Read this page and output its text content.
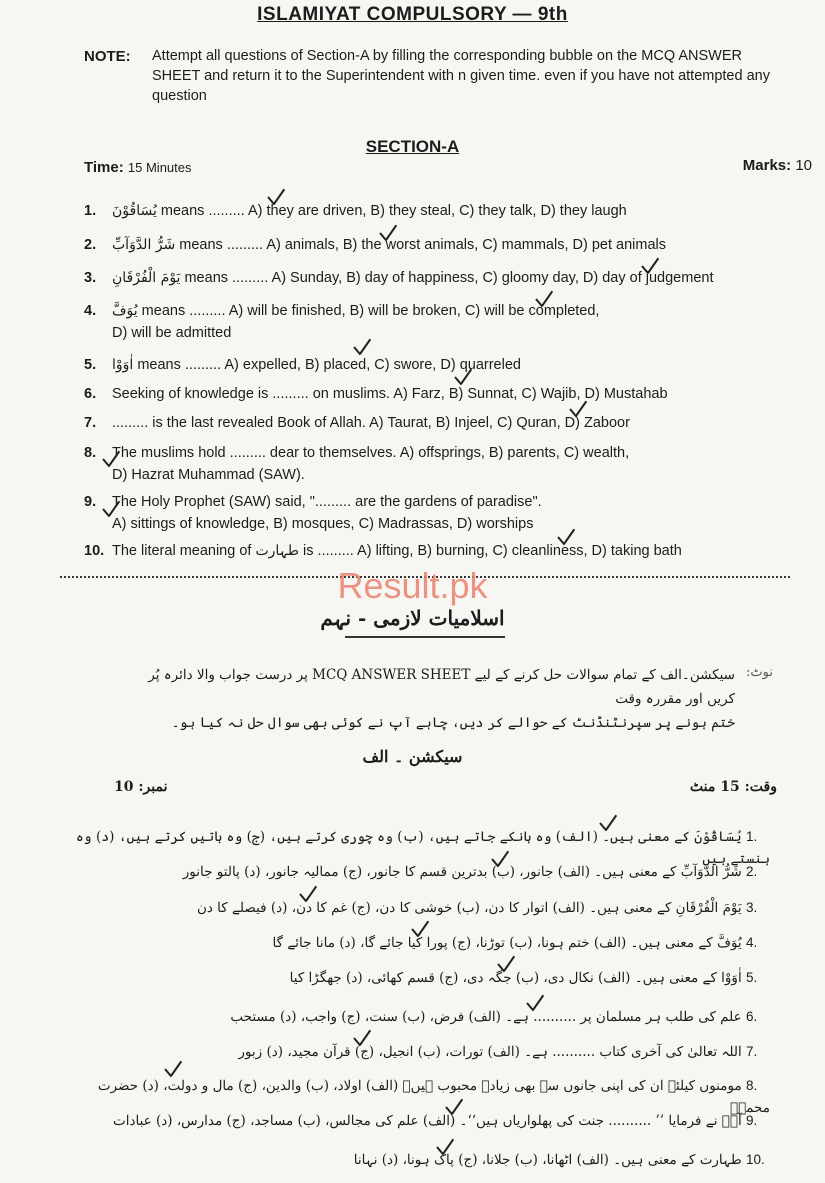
ISLAMIYAT COMPULSORY — 9th
NOTE: Attempt all questions of Section-A by filling the corresponding bubble on the MCQ ANSWER SHEET and return it to the Superintendent with n given time. even if you have not attempted any question
SECTION-A
Time: 15 Minutes	Marks: 10
1. يُسَاقُوْنَ means ......... A) they are driven, B) they steal, C) they talk, D) they laugh
2. شَرُّ الدَّوَآبِّ means ......... A) animals, B) the worst animals, C) mammals, D) pet animals
3. يَوْمَ الْفُرْقَانِ means ......... A) Sunday, B) day of happiness, C) gloomy day, D) day of judgement
4. يُوَفَّ means ......... A) will be finished, B) will be broken, C) will be completed,
D) will be admitted
5. اٰوَوْا means ......... A) expelled, B) placed, C) swore, D) quarreled
6. Seeking of knowledge is ......... on muslims. A) Farz, B) Sunnat, C) Wajib, D) Mustahab
7. ......... is the last revealed Book of Allah. A) Taurat, B) Injeel, C) Quran, D) Zaboor
8. The muslims hold ......... dear to themselves. A) offsprings, B) parents, C) wealth,
D) Hazrat Muhammad (SAW).
9. The Holy Prophet (SAW) said, "......... are the gardens of paradise".
A) sittings of knowledge, B) mosques, C) Madrassas, D) worships
10. The literal meaning of طہارت is ......... A) lifting, B) burning, C) cleanliness, D) taking bath
Result.pk
اسلامیات لازمی - نہم
نوٹ:
سیکشن۔الف کے تمام سوالات حل کرنے کے لیے MCQ ANSWER SHEET پر درست جواب والا دائرہ پُر کریں اور مقررہ وقت
ختم ہونے پر سپرنٹنڈنٹ کے حوالے کر دیں، چاہے آپ نے کوئی بھی سوال حل نہ کیا ہو۔
سیکشن ۔ الف
وقت: 15 منٹ
نمبر: 10
.1 یُسَاقُوْنَ کے معنی ہیں۔ (الف) وہ ہانکے جاتے ہیں، (ب) وہ چوری کرتے ہیں، (ج) وہ باتیں کرتے ہیں، (د) وہ ہنستے ہیں
.2 شَرُّ الدَّوَآبِّ کے معنی ہیں۔ (الف) جانور، (ب) بدترین قسم کا جانور، (ج) ممالیہ جانور، (د) پالتو جانور
.3 یَوْمَ الْفُرْقَانِ کے معنی ہیں۔ (الف) اتوار کا دن، (ب) خوشی کا دن، (ج) غم کا دن، (د) فیصلے کا دن
.4 یُوَفَّ کے معنی ہیں۔ (الف) ختم ہونا، (ب) توڑنا، (ج) پورا کیا جائے گا، (د) مانا جائے گا
.5 اٰوَوْا کے معنی ہیں۔ (الف) نکال دی، (ب) جگہ دی، (ج) قسم کھائی، (د) جھگڑا کیا
.6 علم کی طلب ہر مسلمان پر .......... ہے۔ (الف) فرض، (ب) سنت، (ج) واجب، (د) مستحب
.7 اللہ تعالیٰ کی آخری کتاب .......... ہے۔ (الف) تورات، (ب) انجیل، (ج) قرآن مجید، (د) زبور
.8 مومنوں کیلئے ان کی اپنی جانوں سے بھی زیادہ محبوب ہیں۔ (الف) اولاد، (ب) والدین، (ج) مال و دولت، (د) حضرت محمدؐ
.9 آپؐ نے فرمایا ’’ .......... جنت کی پھلواریاں ہیں‘‘۔ (الف) علم کی مجالس، (ب) مساجد، (ج) مدارس، (د) عبادات
.10 طہارت کے معنی ہیں۔ (الف) اٹھانا، (ب) جلانا، (ج) پاک ہونا، (د) نہانا
